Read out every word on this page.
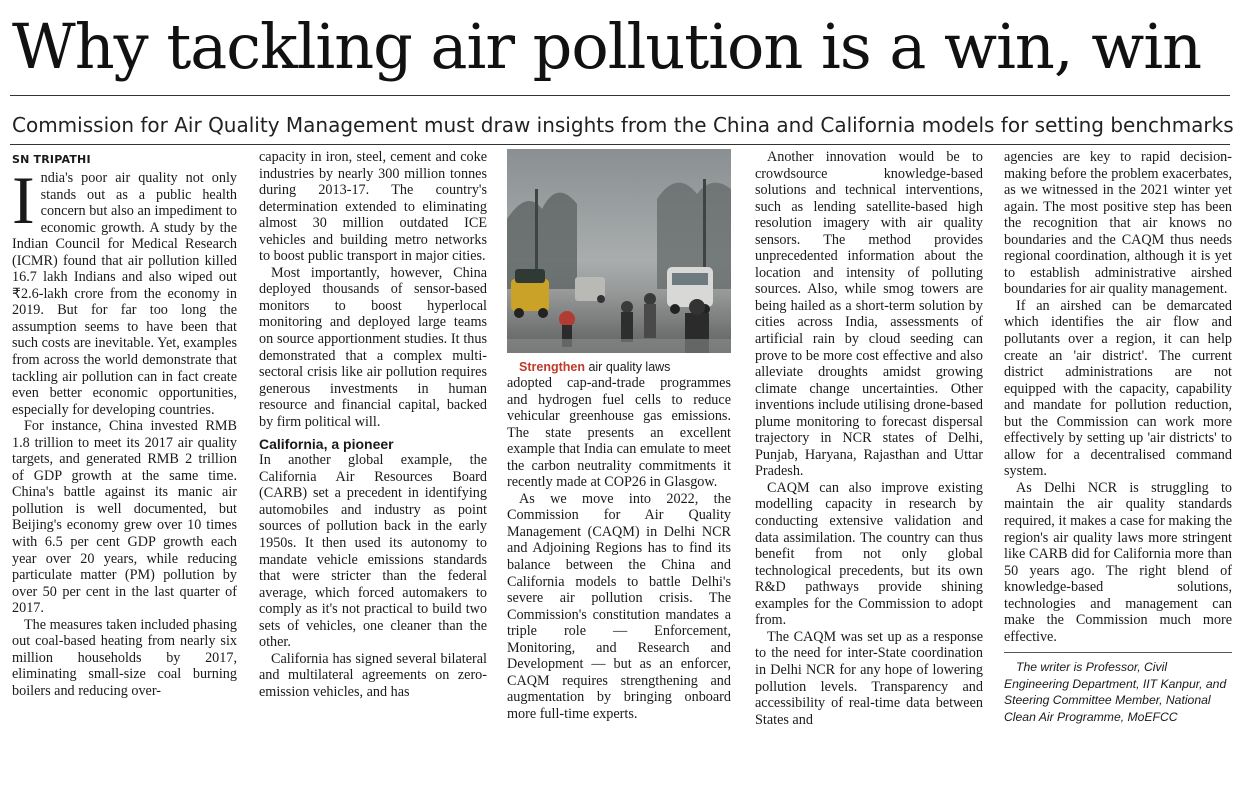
Why tackling air pollution is a win, win
Commission for Air Quality Management must draw insights from the China and California models for setting benchmarks
SN TRIPATHI

India's poor air quality not only stands out as a public health concern but also an impediment to economic growth. A study by the Indian Council for Medical Research (ICMR) found that air pollution killed 16.7 lakh Indians and also wiped out ₹2.6-lakh crore from the economy in 2019. But for far too long the assumption seems to have been that such costs are inevitable. Yet, examples from across the world demonstrate that tackling air pollution can in fact create even better economic opportunities, especially for developing countries.

For instance, China invested RMB 1.8 trillion to meet its 2017 air quality targets, and generated RMB 2 trillion of GDP growth at the same time. China's battle against its manic air pollution is well documented, but Beijing's economy grew over 10 times with 6.5 per cent GDP growth each year over 20 years, while reducing particulate matter (PM) pollution by over 50 per cent in the last quarter of 2017.

The measures taken included phasing out coal-based heating from nearly six million households by 2017, eliminating small-size coal burning boilers and reducing over-

capacity in iron, steel, cement and coke industries by nearly 300 million tonnes during 2013-17. The country's determination extended to eliminating almost 30 million outdated ICE vehicles and building metro networks to boost public transport in major cities.

Most importantly, however, China deployed thousands of sensor-based monitors to boost hyperlocal monitoring and deployed large teams on source apportionment studies. It thus demonstrated that a complex multi-sectoral crisis like air pollution requires generous investments in human resource and financial capital, backed by firm political will.

California, a pioneer

In another global example, the California Air Resources Board (CARB) set a precedent in identifying automobiles and industry as point sources of pollution back in the early 1950s. It then used its autonomy to mandate vehicle emissions standards that were stricter than the federal average, which forced automakers to comply as it's not practical to build two sets of vehicles, one cleaner than the other.

California has signed several bilateral and multilateral agreements on zero-emission vehicles, and has

Strengthen air quality laws

adopted cap-and-trade programmes and hydrogen fuel cells to reduce vehicular greenhouse gas emissions. The state presents an excellent example that India can emulate to meet the carbon neutrality commitments it recently made at COP26 in Glasgow.

As we move into 2022, the Commission for Air Quality Management (CAQM) in Delhi NCR and Adjoining Regions has to find its balance between the China and California models to battle Delhi's severe air pollution crisis. The Commission's constitution mandates a triple role — Enforcement, Monitoring, and Research and Development — but as an enforcer, CAQM requires strengthening and augmentation by bringing onboard more full-time experts.

Another innovation would be to crowdsource knowledge-based solutions and technical interventions, such as lending satellite-based high resolution imagery with air quality sensors. The method provides unprecedented information about the location and intensity of polluting sources. Also, while smog towers are being hailed as a short-term solution by cities across India, assessments of artificial rain by cloud seeding can prove to be more cost effective and also alleviate droughts amidst growing climate change uncertainties. Other inventions include utilising drone-based plume monitoring to forecast dispersal trajectory in NCR states of Delhi, Punjab, Haryana, Rajasthan and Uttar Pradesh.

CAQM can also improve existing modelling capacity in research by conducting extensive validation and data assimilation. The country can thus benefit from not only global technological precedents, but its own R&D pathways provide shining examples for the Commission to adopt from.

The CAQM was set up as a response to the need for inter-State coordination in Delhi NCR for any hope of lowering pollution levels. Transparency and accessibility of real-time data between States and

agencies are key to rapid decision-making before the problem exacerbates, as we witnessed in the 2021 winter yet again. The most positive step has been the recognition that air knows no boundaries and the CAQM thus needs regional coordination, although it is yet to establish administrative airshed boundaries for air quality management.

If an airshed can be demarcated which identifies the air flow and pollutants over a region, it can help create an 'air district'. The current district administrations are not equipped with the capacity, capability and mandate for pollution reduction, but the Commission can work more effectively by setting up 'air districts' to allow for a decentralised command system.

As Delhi NCR is struggling to maintain the air quality standards required, it makes a case for making the region's air quality laws more stringent like CARB did for California more than 50 years ago. The right blend of knowledge-based solutions, technologies and management can make the Commission much more effective.

The writer is Professor, Civil Engineering Department, IIT Kanpur, and Steering Committee Member, National Clean Air Programme, MoEFCC
